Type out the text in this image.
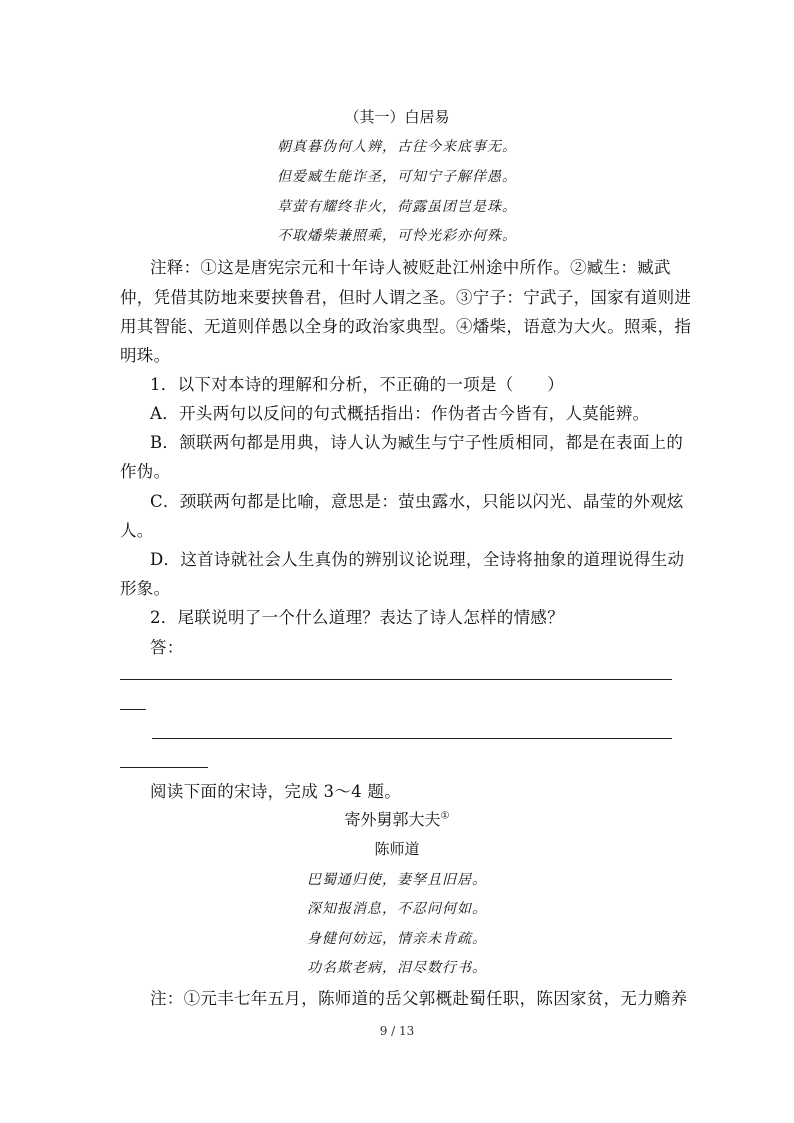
（其一）白居易
朝真暮伪何人辨，古往今来底事无。
但爱臧生能诈圣，可知宁子解佯愚。
草萤有耀终非火，荷露虽团岂是珠。
不取燔柴兼照乘，可怜光彩亦何殊。
注释：①这是唐宪宗元和十年诗人被贬赴江州途中所作。②臧生：臧武
仲，凭借其防地来要挟鲁君，但时人谓之圣。③宁子：宁武子，国家有道则进
用其智能、无道则佯愚以全身的政治家典型。④燔柴，语意为大火。照乘，指
明珠。
1．以下对本诗的理解和分析，不正确的一项是（　　）
A．开头两句以反问的句式概括指出：作伪者古今皆有，人莫能辨。
B．颔联两句都是用典，诗人认为臧生与宁子性质相同，都是在表面上的
作伪。
C．颈联两句都是比喻，意思是：萤虫露水，只能以闪光、晶莹的外观炫
人。
D．这首诗就社会人生真伪的辨别议论说理，全诗将抽象的道理说得生动
形象。
2．尾联说明了一个什么道理？表达了诗人怎样的情感？
答：
阅读下面的宋诗，完成 3～4 题。
寄外舅郭大夫①
陈师道
巴蜀通归使，妻孥且旧居。
深知报消息，不忍问何如。
身健何妨远，情亲未肯疏。
功名欺老病，泪尽数行书。
注：①元丰七年五月，陈师道的岳父郭概赴蜀任职，陈因家贫，无力赡养
9 / 13
